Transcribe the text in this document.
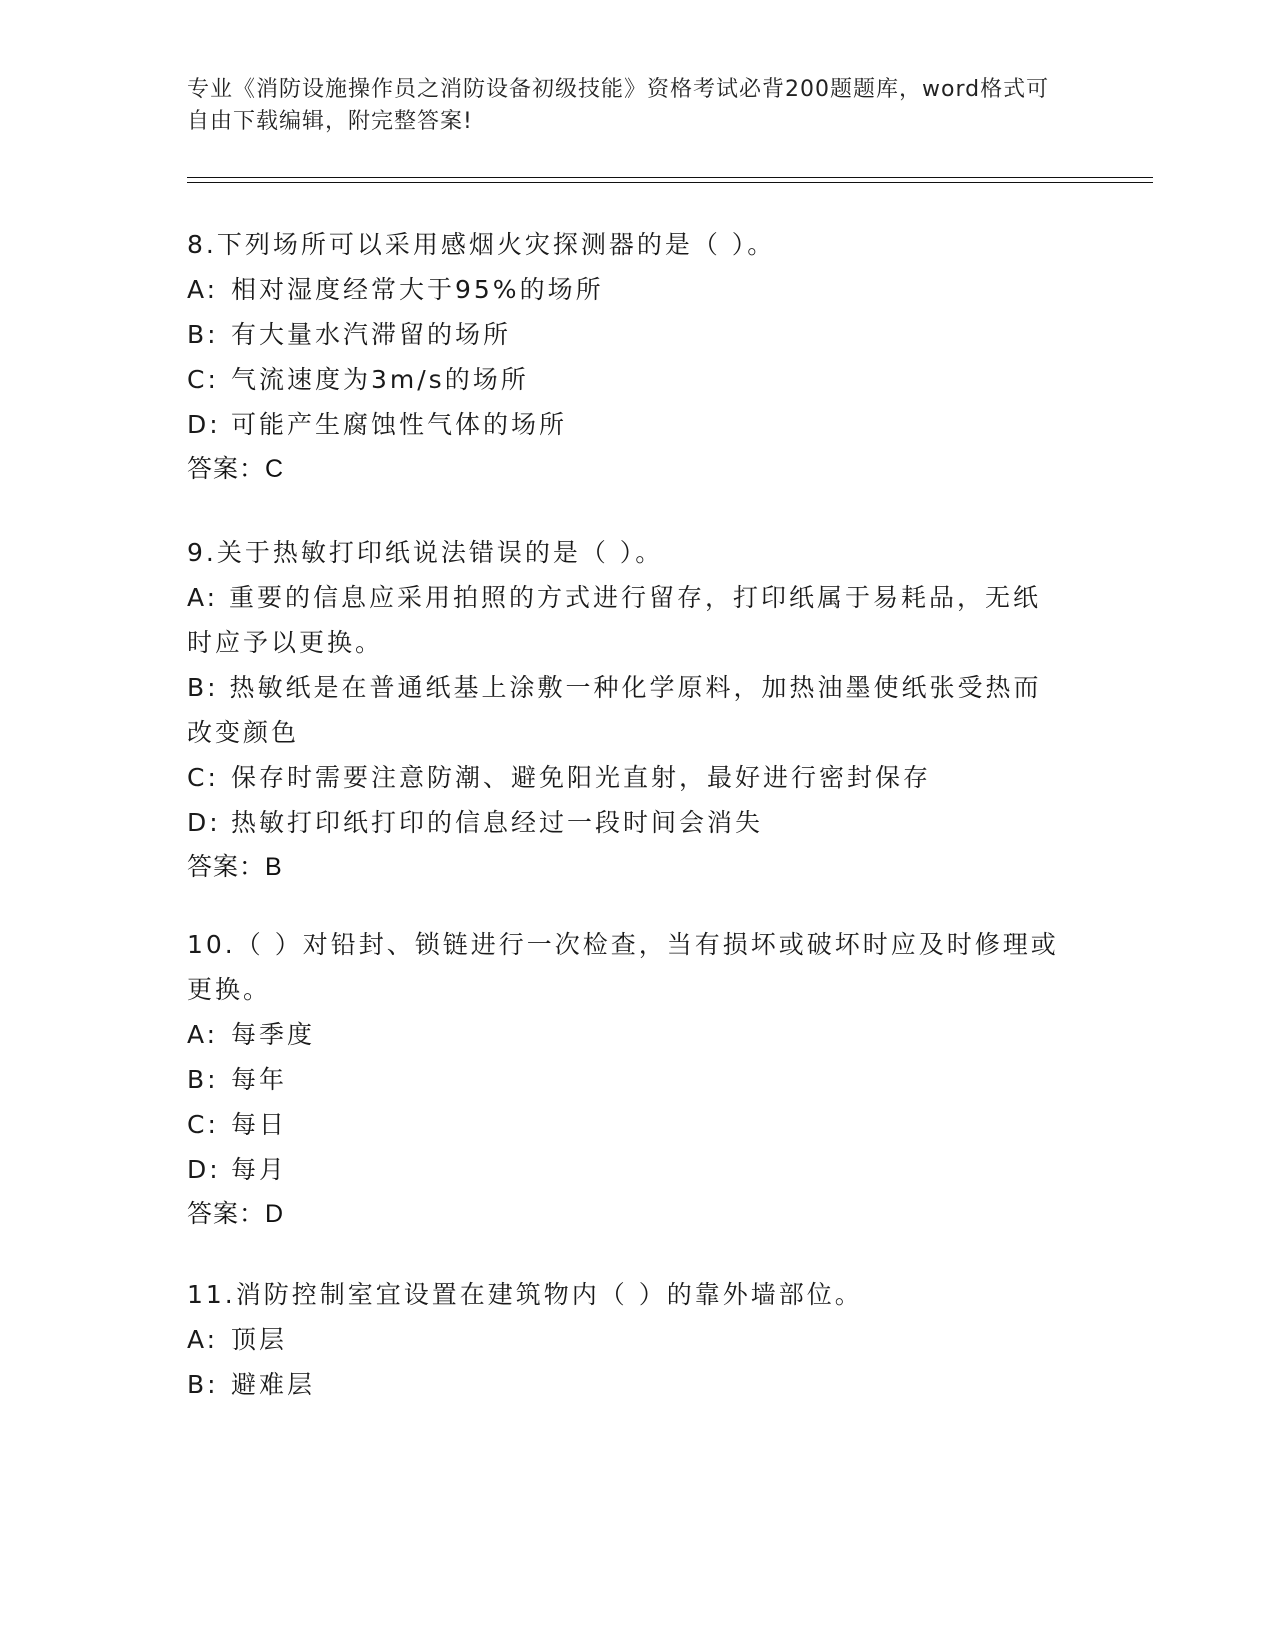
专业《消防设施操作员之消防设备初级技能》资格考试必背200题题库，word格式可自由下载编辑，附完整答案!
8.下列场所可以采用感烟火灾探测器的是（ ）。
A: 相对湿度经常大于95%的场所
B: 有大量水汽滞留的场所
C: 气流速度为3m/s的场所
D: 可能产生腐蚀性气体的场所
答案：C
9.关于热敏打印纸说法错误的是（ ）。
A: 重要的信息应采用拍照的方式进行留存，打印纸属于易耗品，无纸时应予以更换。
B: 热敏纸是在普通纸基上涂敷一种化学原料，加热油墨使纸张受热而改变颜色
C: 保存时需要注意防潮、避免阳光直射，最好进行密封保存
D: 热敏打印纸打印的信息经过一段时间会消失
答案：B
10.（ ）对铅封、锁链进行一次检查，当有损坏或破坏时应及时修理或更换。
A: 每季度
B: 每年
C: 每日
D: 每月
答案：D
11.消防控制室宜设置在建筑物内（ ）的靠外墙部位。
A: 顶层
B: 避难层
